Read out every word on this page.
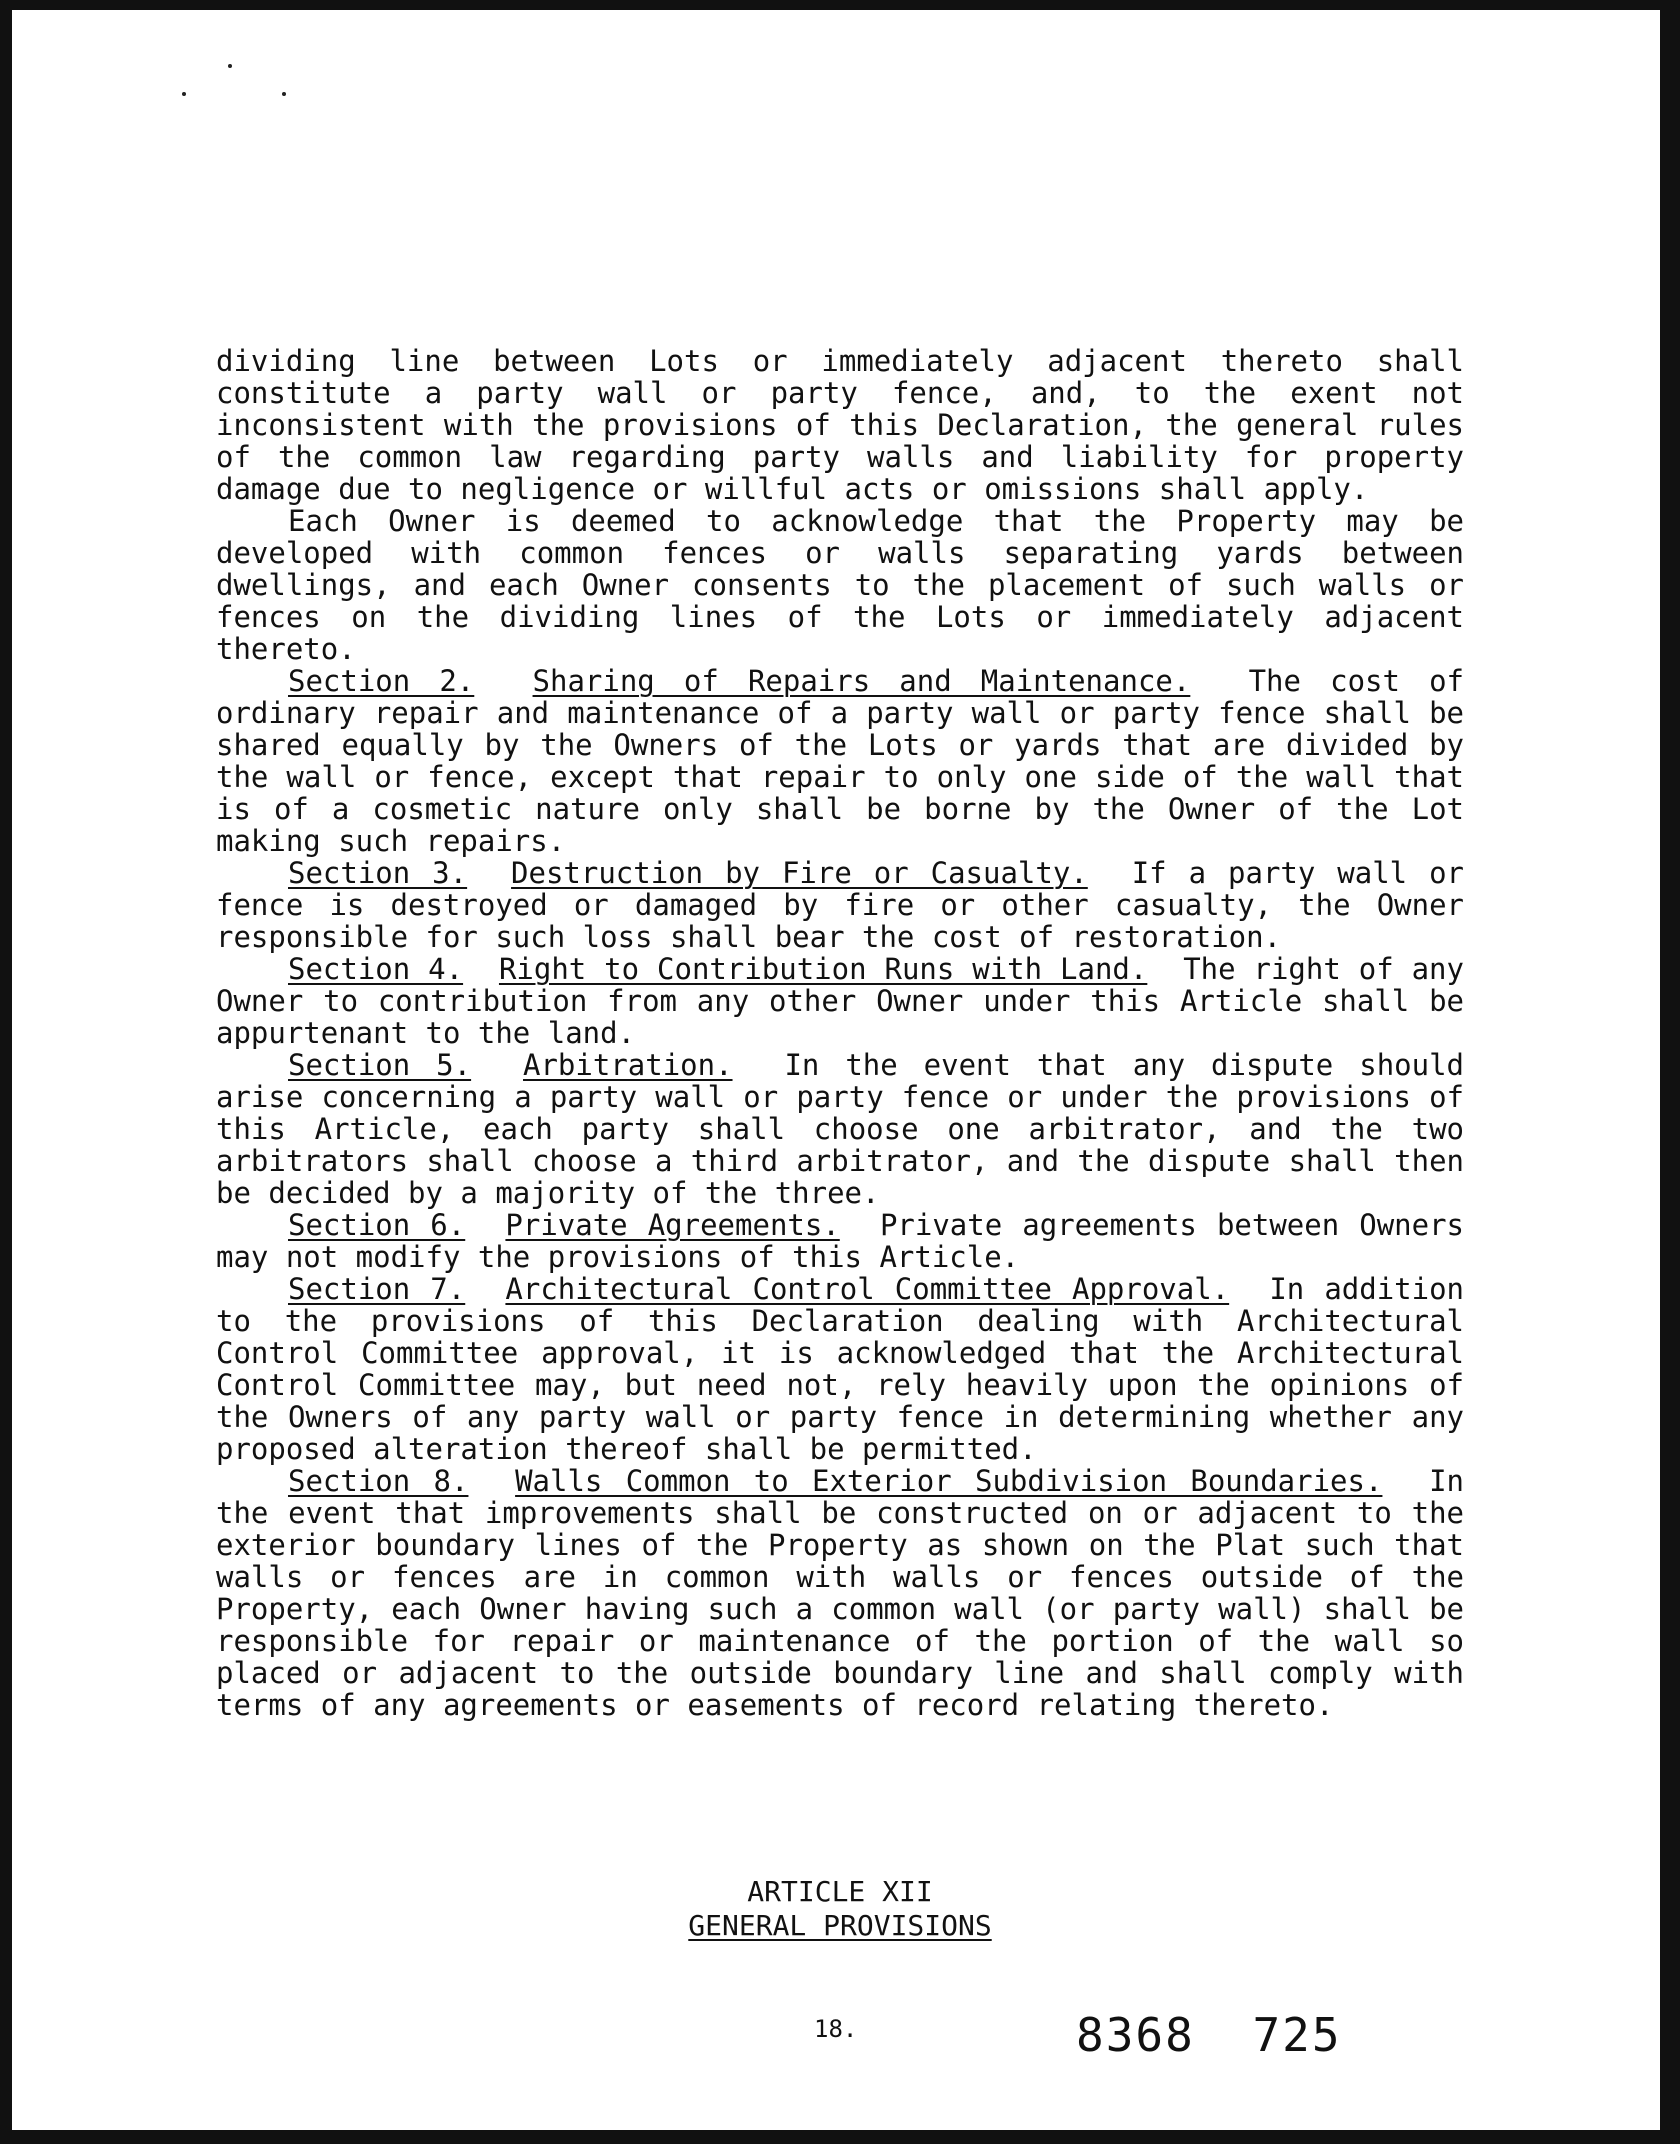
dividing line between Lots or immediately adjacent thereto shall constitute a party wall or party fence, and, to the exent not inconsistent with the provisions of this Declaration, the general rules of the common law regarding party walls and liability for property damage due to negligence or willful acts or omissions shall apply.

Each Owner is deemed to acknowledge that the Property may be developed with common fences or walls separating yards between dwellings, and each Owner consents to the placement of such walls or fences on the dividing lines of the Lots or immediately adjacent thereto.

Section 2. Sharing of Repairs and Maintenance. The cost of ordinary repair and maintenance of a party wall or party fence shall be shared equally by the Owners of the Lots or yards that are divided by the wall or fence, except that repair to only one side of the wall that is of a cosmetic nature only shall be borne by the Owner of the Lot making such repairs.

Section 3. Destruction by Fire or Casualty. If a party wall or fence is destroyed or damaged by fire or other casualty, the Owner responsible for such loss shall bear the cost of restoration.

Section 4. Right to Contribution Runs with Land. The right of any Owner to contribution from any other Owner under this Article shall be appurtenant to the land.

Section 5. Arbitration. In the event that any dispute should arise concerning a party wall or party fence or under the provisions of this Article, each party shall choose one arbitrator, and the two arbitrators shall choose a third arbitrator, and the dispute shall then be decided by a majority of the three.

Section 6. Private Agreements. Private agreements between Owners may not modify the provisions of this Article.

Section 7. Architectural Control Committee Approval. In addition to the provisions of this Declaration dealing with Architectural Control Committee approval, it is acknowledged that the Architectural Control Committee may, but need not, rely heavily upon the opinions of the Owners of any party wall or party fence in determining whether any proposed alteration thereof shall be permitted.

Section 8. Walls Common to Exterior Subdivision Boundaries. In the event that improvements shall be constructed on or adjacent to the exterior boundary lines of the Property as shown on the Plat such that walls or fences are in common with walls or fences outside of the Property, each Owner having such a common wall (or party wall) shall be responsible for repair or maintenance of the portion of the wall so placed or adjacent to the outside boundary line and shall comply with terms of any agreements or easements of record relating thereto.

ARTICLE XII
GENERAL PROVISIONS
18.	8368 725
